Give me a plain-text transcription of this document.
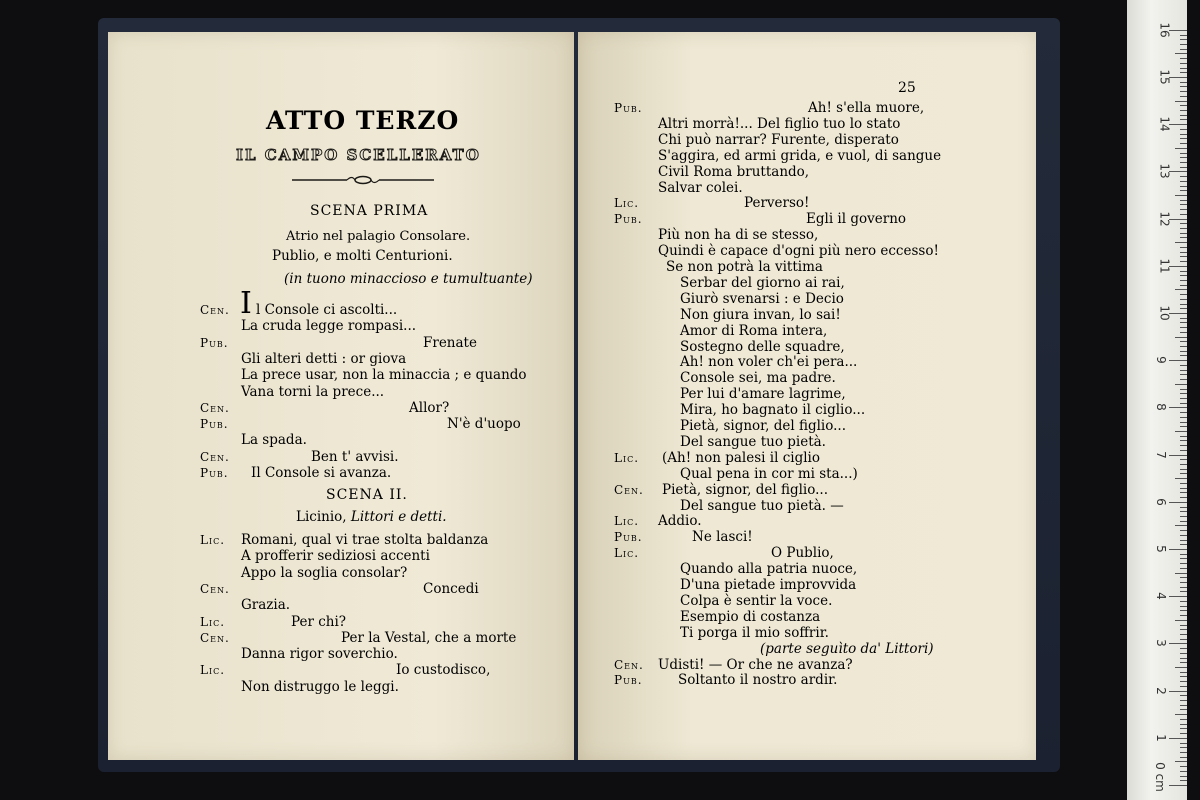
ATTO TERZO
IL CAMPO SCELLERATO
SCENA PRIMA
Atrio nel palagio Consolare.
Publio, e molti Centurioni.
(in tuono minaccioso e tumultuante)
I
Cen. l Console ci ascolti...
La cruda legge rompasi...
Pub.	Frenate
Gli alteri detti : or giova
La prece usar, non la minaccia ; e quando
Vana torni la prece...
Cen.	Allor?
Pub.	N'è d'uopo
La spada.
Cen.	Ben t' avvisi.
Pub. Il Console si avanza.
SCENA II.
Licinio, Littori e detti.
Lic. Romani, qual vi trae stolta baldanza
A profferir sediziosi accenti
Appo la soglia consolar?
Cen.	Concedi
Grazia.
Lic.	Per chi?
Cen.	Per la Vestal, che a morte
Danna rigor soverchio.
Lic.	Io custodisco,
Non distruggo le leggi.
25
Pub.	Ah! s'ella muore,
Altri morrà!... Del figlio tuo lo stato
Chi può narrar? Furente, disperato
S'aggira, ed armi grida, e vuol, di sangue
Civil Roma bruttando,
Salvar colei.
Lic.	Perverso!
Pub.	Egli il governo
Più non ha di se stesso,
Quindi è capace d'ogni più nero eccesso!
Se non potrà la vittima
Serbar del giorno ai rai,
Giurò svenarsi : e Decio
Non giura invan, lo sai!
Amor di Roma intera,
Sostegno delle squadre,
Ah! non voler ch'ei pera...
Console sei, ma padre.
Per lui d'amare lagrime,
Mira, ho bagnato il ciglio...
Pietà, signor, del figlio...
Del sangue tuo pietà.
Lic. (Ah! non palesi il ciglio
Qual pena in cor mi sta...)
Cen. Pietà, signor, del figlio...
Del sangue tuo pietà. —
Lic. Addio.
Pub.	Ne lasci!
Lic.	O Publio,
Quando alla patria nuoce,
D'una pietade improvvida
Colpa è sentir la voce.
Esempio di costanza
Ti porga il mio soffrir.
(parte seguìto da' Littori)
Cen. Udisti! — Or che ne avanza?
Pub.	Soltanto il nostro ardir.
0 cm
1
2
3
4
5
6
7
8
9
10
11
12
13
14
15
16
